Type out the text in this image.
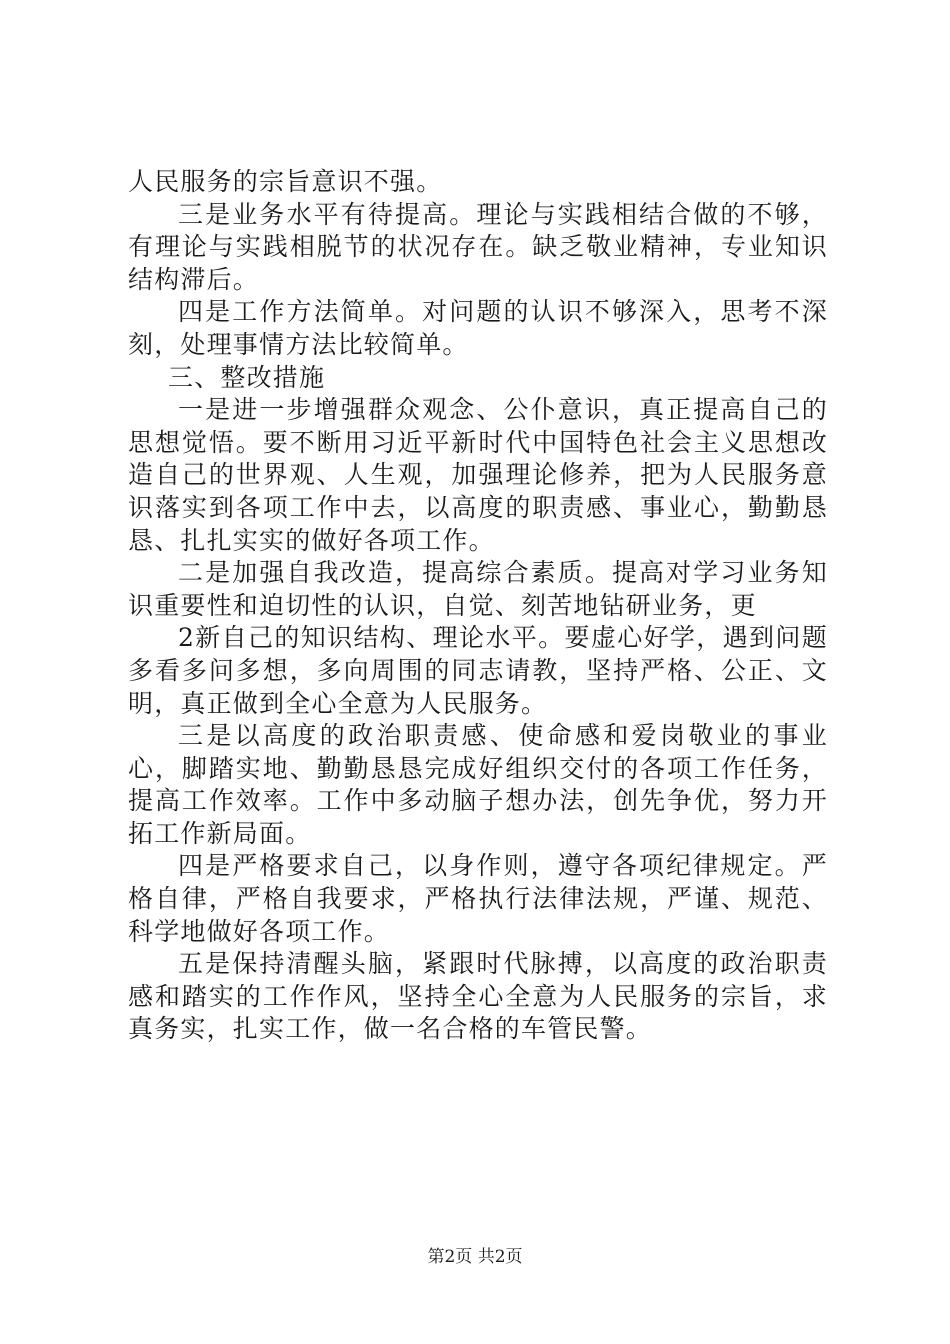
人民服务的宗旨意识不强。

三是业务水平有待提高。理论与实践相结合做的不够，有理论与实践相脱节的状况存在。缺乏敬业精神，专业知识结构滞后。

四是工作方法简单。对问题的认识不够深入，思考不深刻，处理事情方法比较简单。

三、整改措施

一是进一步增强群众观念、公仆意识，真正提高自己的思想觉悟。要不断用习近平新时代中国特色社会主义思想改造自己的世界观、人生观，加强理论修养，把为人民服务意识落实到各项工作中去，以高度的职责感、事业心，勤勤恳恳、扎扎实实的做好各项工作。

二是加强自我改造，提高综合素质。提高对学习业务知识重要性和迫切性的认识，自觉、刻苦地钻研业务，更

2新自己的知识结构、理论水平。要虚心好学，遇到问题多看多问多想，多向周围的同志请教，坚持严格、公正、文明，真正做到全心全意为人民服务。

三是以高度的政治职责感、使命感和爱岗敬业的事业心，脚踏实地、勤勤恳恳完成好组织交付的各项工作任务，提高工作效率。工作中多动脑子想办法，创先争优，努力开拓工作新局面。

四是严格要求自己，以身作则，遵守各项纪律规定。严格自律，严格自我要求，严格执行法律法规，严谨、规范、科学地做好各项工作。

五是保持清醒头脑，紧跟时代脉搏，以高度的政治职责感和踏实的工作作风，坚持全心全意为人民服务的宗旨，求真务实，扎实工作，做一名合格的车管民警。

第2页 共2页
